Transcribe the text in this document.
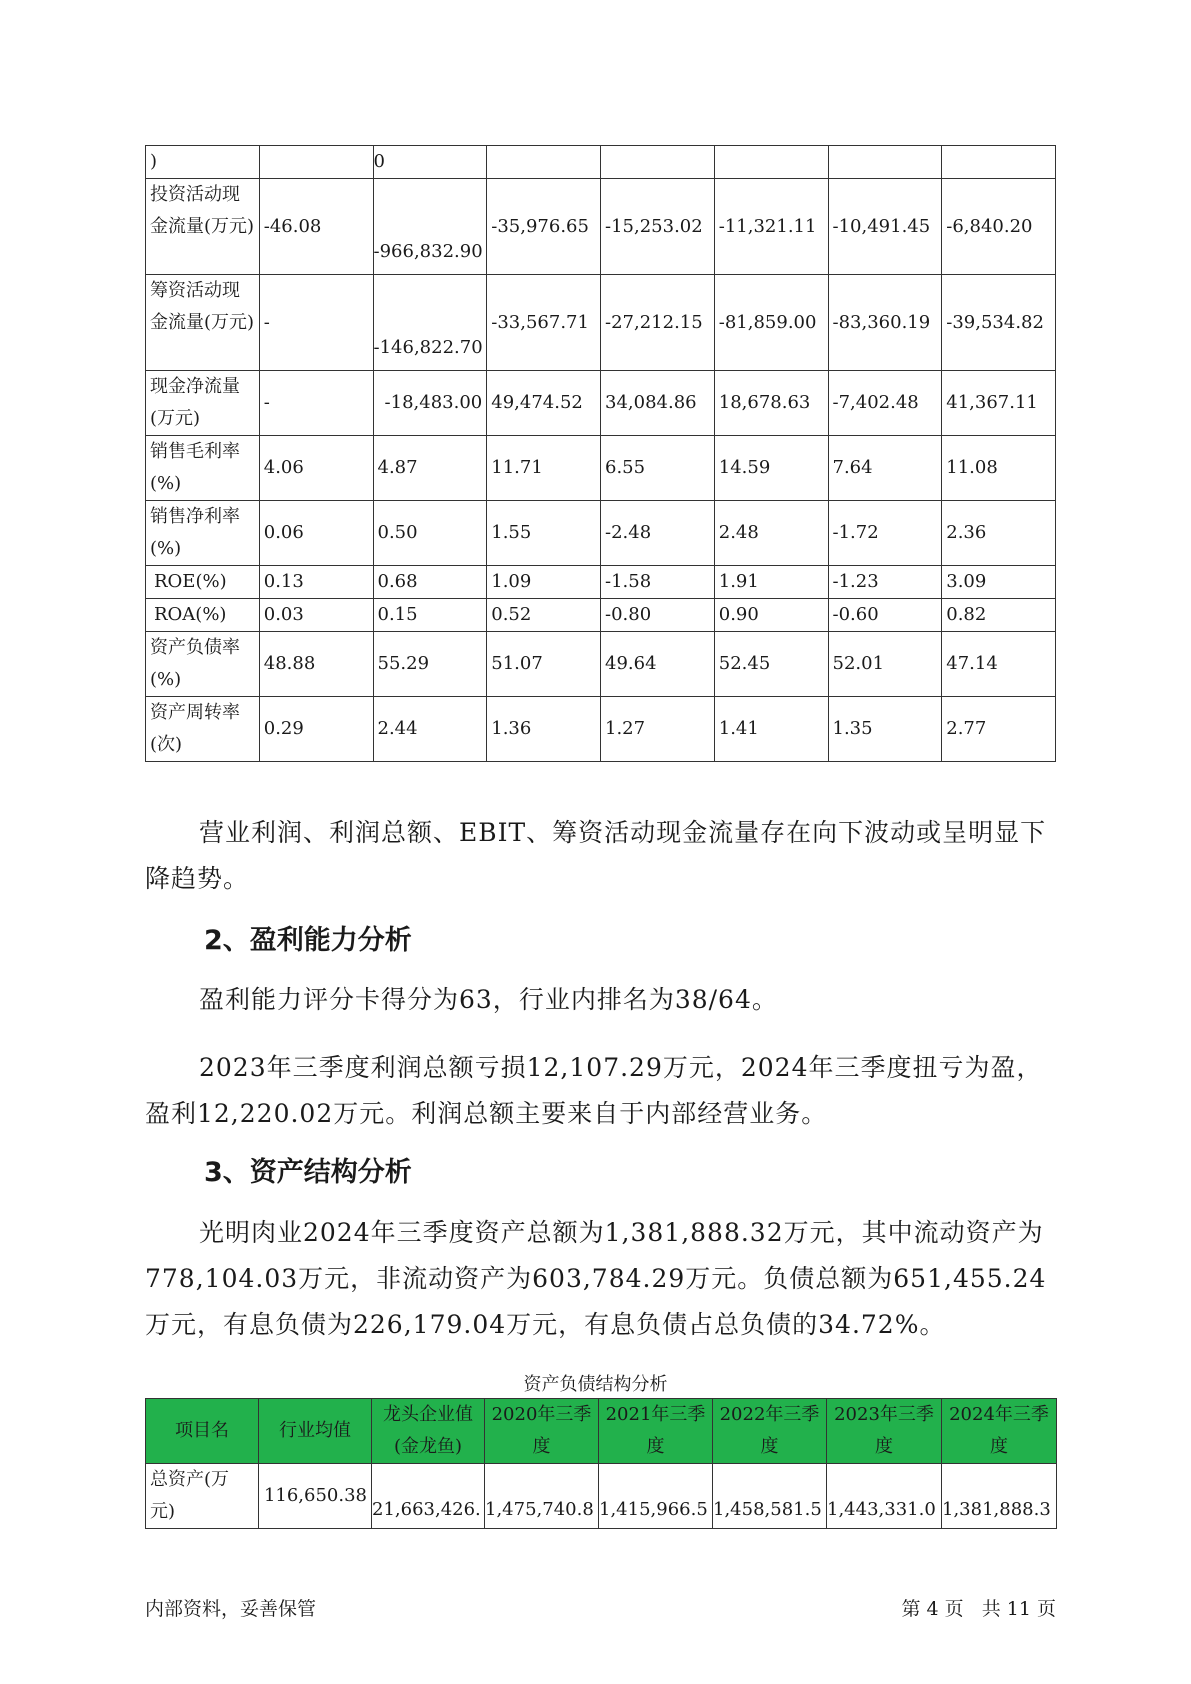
)		0					
投资活动现金流量(万元)	-46.08	-966,832.90	-35,976.65	-15,253.02	-11,321.11	-10,491.45	-6,840.20
筹资活动现金流量(万元)	-	-146,822.70	-33,567.71	-27,212.15	-81,859.00	-83,360.19	-39,534.82
现金净流量(万元)	-	-18,483.00	49,474.52	34,084.86	18,678.63	-7,402.48	41,367.11
销售毛利率(%)	4.06	4.87	11.71	6.55	14.59	7.64	11.08
销售净利率(%)	0.06	0.50	1.55	-2.48	2.48	-1.72	2.36
ROE(%)	0.13	0.68	1.09	-1.58	1.91	-1.23	3.09
ROA(%)	0.03	0.15	0.52	-0.80	0.90	-0.60	0.82
资产负债率(%)	48.88	55.29	51.07	49.64	52.45	52.01	47.14
资产周转率(次)	0.29	2.44	1.36	1.27	1.41	1.35	2.77

营业利润、利润总额、EBIT、筹资活动现金流量存在向下波动或呈明显下降趋势。

2、盈利能力分析

盈利能力评分卡得分为63，行业内排名为38/64。

2023年三季度利润总额亏损12,107.29万元，2024年三季度扭亏为盈，盈利12,220.02万元。利润总额主要来自于内部经营业务。

3、资产结构分析

光明肉业2024年三季度资产总额为1,381,888.32万元，其中流动资产为778,104.03万元，非流动资产为603,784.29万元。负债总额为651,455.24万元，有息负债为226,179.04万元，有息负债占总负债的34.72%。

资产负债结构分析
项目名	行业均值	龙头企业值(金龙鱼)	2020年三季度	2021年三季度	2022年三季度	2023年三季度	2024年三季度
总资产(万元)	116,650.38	21,663,426.	1,475,740.8	1,415,966.5	1,458,581.5	1,443,331.0	1,381,888.3
内部资料，妥善保管	第 4 页   共 11 页
